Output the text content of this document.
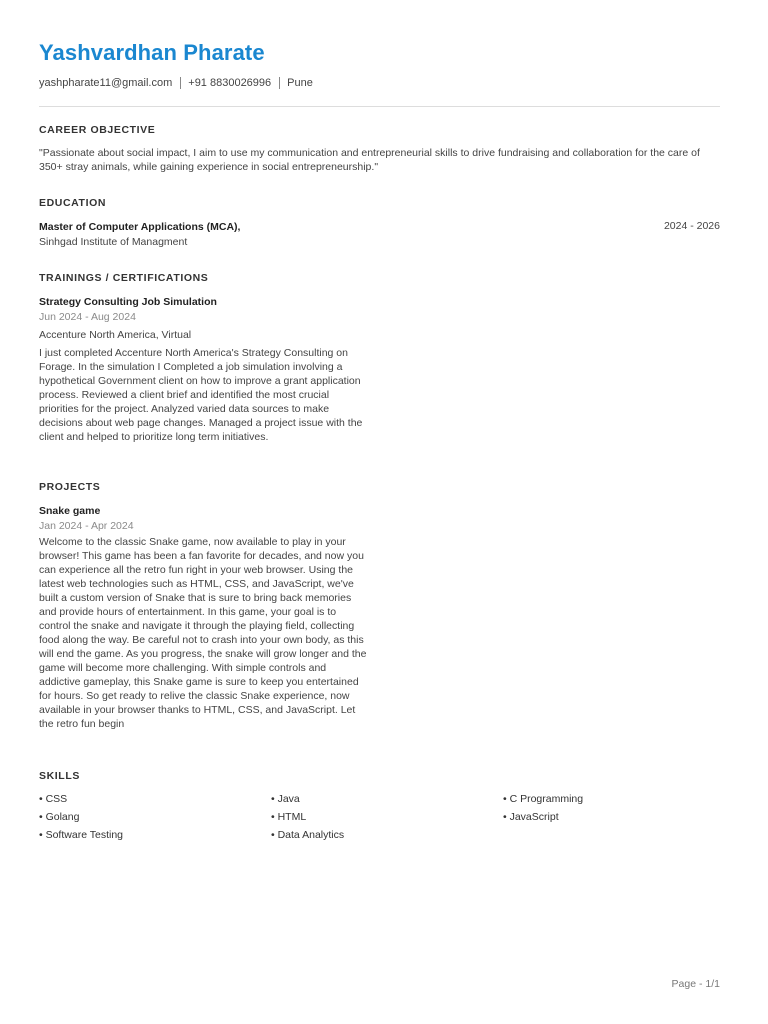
Yashvardhan Pharate
yashpharate11@gmail.com +91 8830026996 Pune
CAREER OBJECTIVE
"Passionate about social impact, I aim to use my communication and entrepreneurial skills to drive fundraising and collaboration for the care of 350+ stray animals, while gaining experience in social entrepreneurship."
EDUCATION
Master of Computer Applications (MCA),	2024 - 2026
Sinhgad Institute of Managment
TRAININGS / CERTIFICATIONS
Strategy Consulting Job Simulation
Jun 2024 - Aug 2024
Accenture North America, Virtual
I just completed Accenture North America's Strategy Consulting on Forage. In the simulation I Completed a job simulation involving a hypothetical Government client on how to improve a grant application process. Reviewed a client brief and identified the most crucial priorities for the project. Analyzed varied data sources to make decisions about web page changes. Managed a project issue with the client and helped to prioritize long term initiatives.
PROJECTS
Snake game
Jan 2024 - Apr 2024
Welcome to the classic Snake game, now available to play in your browser! This game has been a fan favorite for decades, and now you can experience all the retro fun right in your web browser. Using the latest web technologies such as HTML, CSS, and JavaScript, we've built a custom version of Snake that is sure to bring back memories and provide hours of entertainment. In this game, your goal is to control the snake and navigate it through the playing field, collecting food along the way. Be careful not to crash into your own body, as this will end the game. As you progress, the snake will grow longer and the game will become more challenging. With simple controls and addictive gameplay, this Snake game is sure to keep you entertained for hours. So get ready to relive the classic Snake experience, now available in your browser thanks to HTML, CSS, and JavaScript. Let the retro fun begin
SKILLS
• CSS	• Java	• C Programming
• Golang	• HTML	• JavaScript
• Software Testing	• Data Analytics
Page - 1/1
